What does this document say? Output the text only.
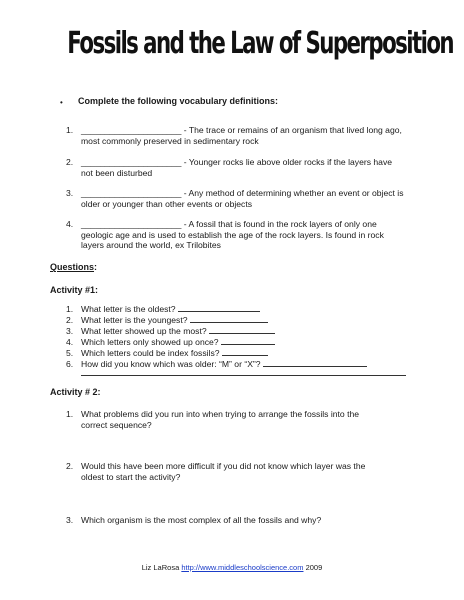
Fossils and the Law of Superposition
• Complete the following vocabulary definitions:
1. _____________________ - The trace or remains of an organism that lived long ago, most commonly preserved in sedimentary rock
2. _____________________ - Younger rocks lie above older rocks if the layers have not been disturbed
3. _____________________ - Any method of determining whether an event or object is older or younger than other events or objects
4. _____________________ - A fossil that is found in the rock layers of only one geologic age and is used to establish the age of the rock layers. Is found in rock layers around the world, ex Trilobites
Questions:
Activity #1:
1. What letter is the oldest?
2. What letter is the youngest?
3. What letter showed up the most?
4. Which letters only showed up once?
5. Which letters could be index fossils?
6. How did you know which was older: “M” or “X”?
Activity # 2:
1. What problems did you run into when trying to arrange the fossils into the correct sequence?
2. Would this have been more difficult if you did not know which layer was the oldest to start the activity?
3. Which organism is the most complex of all the fossils and why?
Liz LaRosa http://www.middleschoolscience.com 2009
